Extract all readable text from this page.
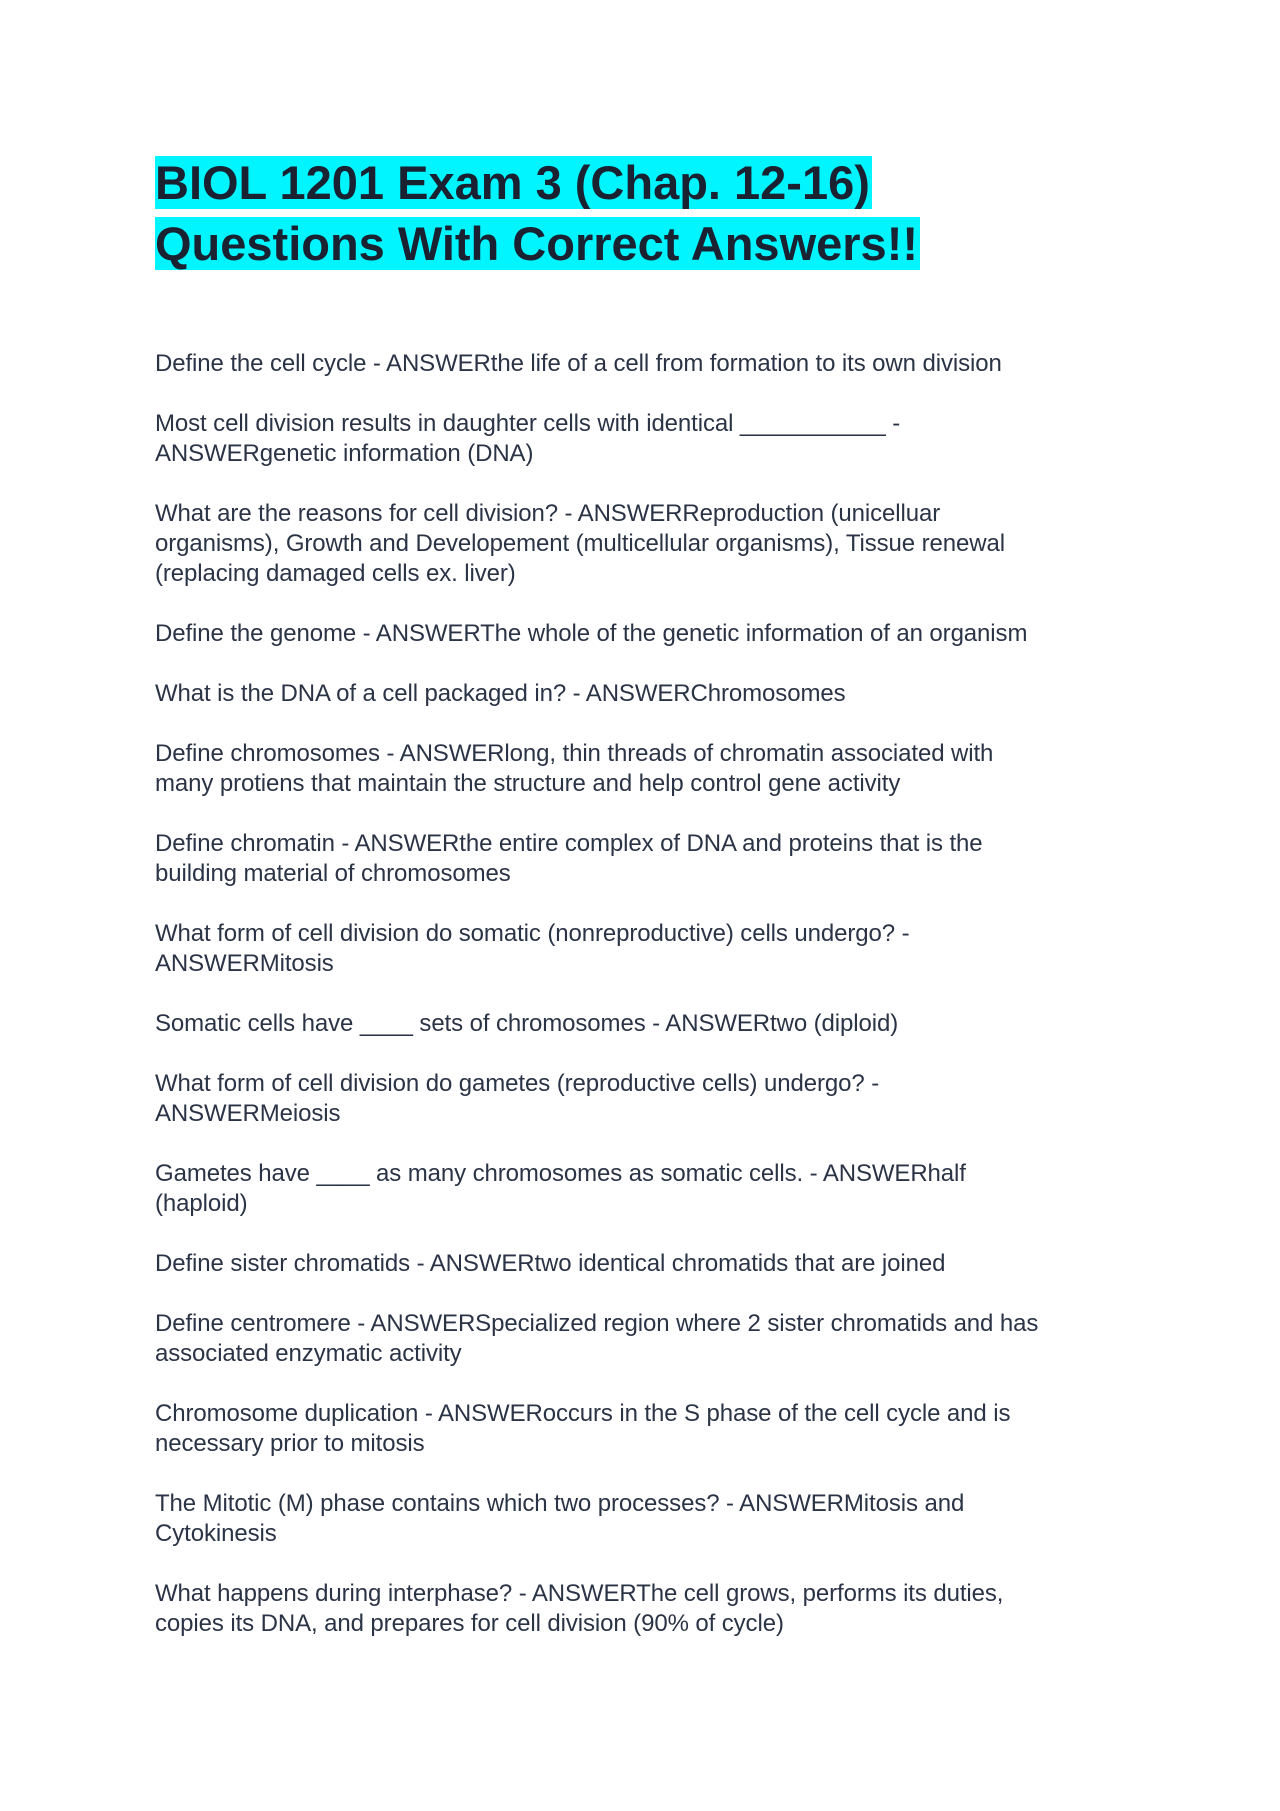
BIOL 1201 Exam 3 (Chap. 12-16)
Questions With Correct Answers!!
Define the cell cycle - ANSWERthe life of a cell from formation to its own division
Most cell division results in daughter cells with identical ___________ -
ANSWERgenetic information (DNA)
What are the reasons for cell division? - ANSWERReproduction (unicelluar
organisms), Growth and Developement (multicellular organisms), Tissue renewal
(replacing damaged cells ex. liver)
Define the genome - ANSWERThe whole of the genetic information of an organism
What is the DNA of a cell packaged in? - ANSWERChromosomes
Define chromosomes - ANSWERlong, thin threads of chromatin associated with
many protiens that maintain the structure and help control gene activity
Define chromatin - ANSWERthe entire complex of DNA and proteins that is the
building material of chromosomes
What form of cell division do somatic (nonreproductive) cells undergo? -
ANSWERMitosis
Somatic cells have ____ sets of chromosomes - ANSWERtwo (diploid)
What form of cell division do gametes (reproductive cells) undergo? -
ANSWERMeiosis
Gametes have ____ as many chromosomes as somatic cells. - ANSWERhalf
(haploid)
Define sister chromatids - ANSWERtwo identical chromatids that are joined
Define centromere - ANSWERSpecialized region where 2 sister chromatids and has
associated enzymatic activity
Chromosome duplication - ANSWERoccurs in the S phase of the cell cycle and is
necessary prior to mitosis
The Mitotic (M) phase contains which two processes? - ANSWERMitosis and
Cytokinesis
What happens during interphase? - ANSWERThe cell grows, performs its duties,
copies its DNA, and prepares for cell division (90% of cycle)
